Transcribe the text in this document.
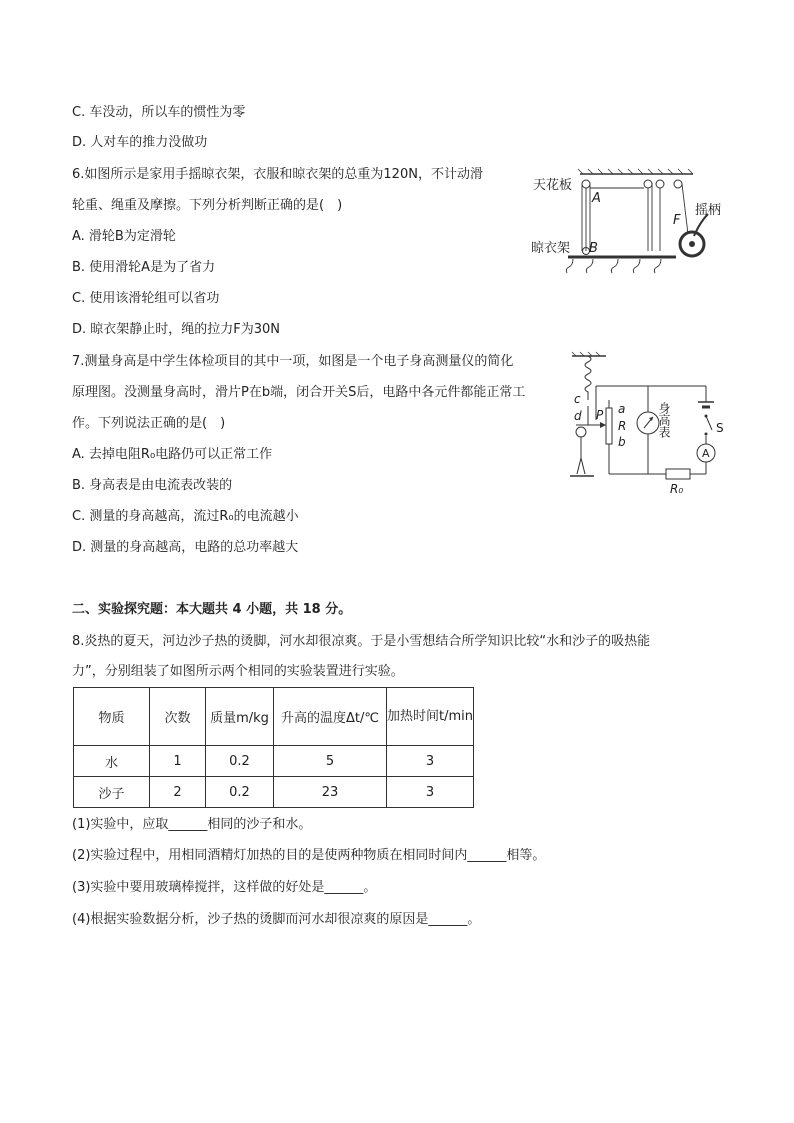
C. 车没动，所以车的惯性为零
D. 人对车的推力没做功
6.如图所示是家用手摇晾衣架，衣服和晾衣架的总重为120N，不计动滑
轮重、绳重及摩擦。下列分析判断正确的是(　)
A. 滑轮B为定滑轮
B. 使用滑轮A是为了省力
C. 使用该滑轮组可以省功
D. 晾衣架静止时，绳的拉力F为30N
天花板
A
晾衣架 B
F
摇柄
7.测量身高是中学生体检项目的其中一项，如图是一个电子身高测量仪的简化
原理图。没测量身高时，滑片P在b端，闭合开关S后，电路中各元件都能正常工
作。下列说法正确的是(　)
A. 去掉电阻R₀电路仍可以正常工作
B. 身高表是由电流表改装的
C. 测量的身高越高，流过R₀的电流越小
D. 测量的身高越高，电路的总功率越大
c
d P a
R
b
身高表	S
A
R₀
二、实验探究题：本大题共 4 小题，共 18 分。
8.炎热的夏天，河边沙子热的烫脚，河水却很凉爽。于是小雪想结合所学知识比较“水和沙子的吸热能
力”，分别组装了如图所示两个相同的实验装置进行实验。
物质	次数	质量m/kg	升高的温度Δt/℃	加热时间t/min
水	1	0.2	5	3
沙子	2	0.2	23	3
(1)实验中，应取______相同的沙子和水。
(2)实验过程中，用相同酒精灯加热的目的是使两种物质在相同时间内______相等。
(3)实验中要用玻璃棒搅拌，这样做的好处是______。
(4)根据实验数据分析，沙子热的烫脚而河水却很凉爽的原因是______。
